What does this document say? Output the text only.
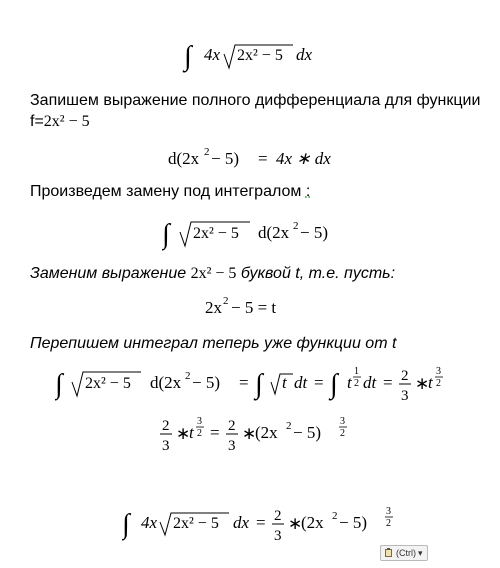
∫ 4x 2x² − 5 dx
Запишем выражение полного дифференциала для функции
f=2x² − 5
d(2x 2 − 5) = 4x ∗ dx
Произведем замену под интегралом :
∫ 2x² − 5 d(2x 2 − 5)
Заменим выражение 2x² − 5 буквой t, т.е. пусть:
2x 2 − 5 = t
Перепишем интеграл теперь уже функции от t
∫ 2x² − 5 d(2x 2 − 5) = ∫ t dt = ∫ t
1
2 dt = 2
3
∗
t
3
2
2
3
∗
t
3
2 = 2
3
∗
(2x 2 − 5)
3
2
∫ 4x 2x² − 5 dx = 2
3
∗
(2x 2 − 5)
3
2
(Ctrl) ▾
